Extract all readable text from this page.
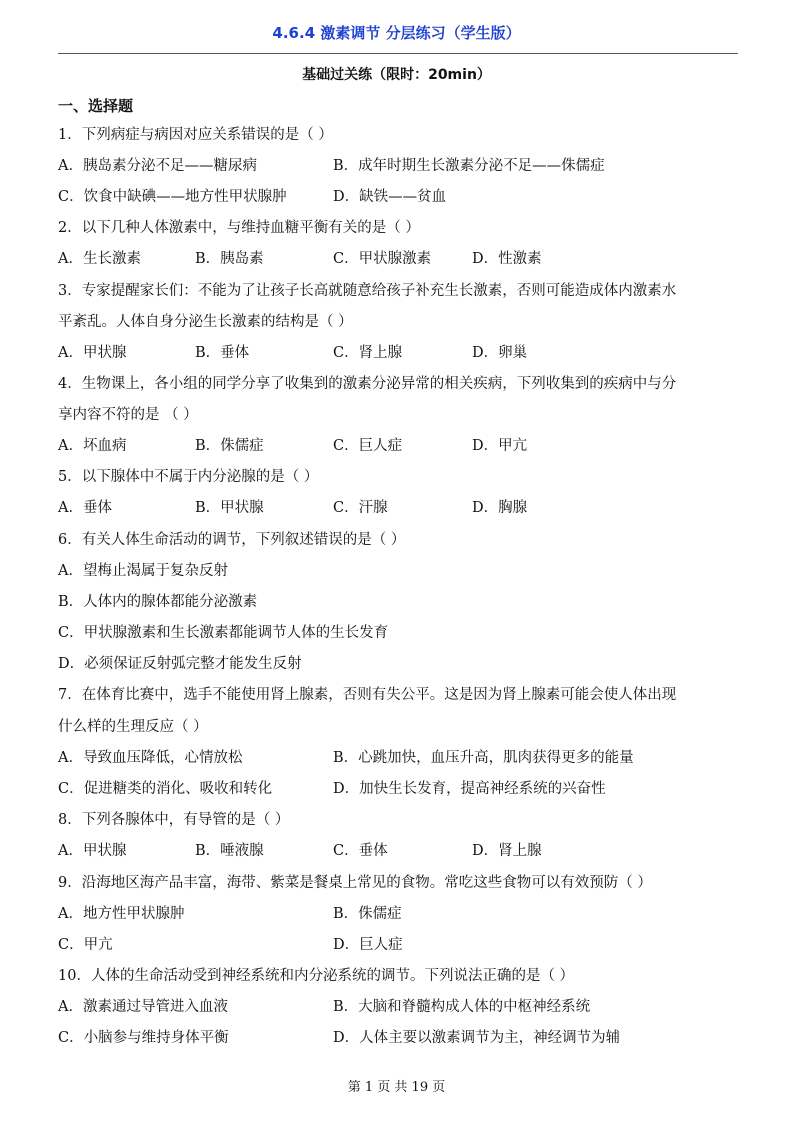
4.6.4 激素调节 分层练习（学生版）
基础过关练（限时：20min）
一、选择题
1．下列病症与病因对应关系错误的是（ ）
A．胰岛素分泌不足——糖尿病	B．成年时期生长激素分泌不足——侏儒症
C．饮食中缺碘——地方性甲状腺肿	D．缺铁——贫血
2．以下几种人体激素中，与维持血糖平衡有关的是（ ）
A．生长激素	B．胰岛素	C．甲状腺激素	D．性激素
3．专家提醒家长们：不能为了让孩子长高就随意给孩子补充生长激素，否则可能造成体内激素水
平紊乱。人体自身分泌生长激素的结构是（ ）
A．甲状腺	B．垂体	C．肾上腺	D．卵巢
4．生物课上，各小组的同学分享了收集到的激素分泌异常的相关疾病，下列收集到的疾病中与分
享内容不符的是 （ ）
A．坏血病	B．侏儒症	C．巨人症	D．甲亢
5．以下腺体中不属于内分泌腺的是（ ）
A．垂体	B．甲状腺	C．汗腺	D．胸腺
6．有关人体生命活动的调节，下列叙述错误的是（ ）
A．望梅止渴属于复杂反射
B．人体内的腺体都能分泌激素
C．甲状腺激素和生长激素都能调节人体的生长发育
D．必须保证反射弧完整才能发生反射
7．在体育比赛中，选手不能使用肾上腺素，否则有失公平。这是因为肾上腺素可能会使人体出现
什么样的生理反应（ ）
A．导致血压降低，心情放松	B．心跳加快，血压升高，肌肉获得更多的能量
C．促进糖类的消化、吸收和转化	D．加快生长发育，提高神经系统的兴奋性
8．下列各腺体中，有导管的是（ ）
A．甲状腺	B．唾液腺	C．垂体	D．肾上腺
9．沿海地区海产品丰富，海带、紫菜是餐桌上常见的食物。常吃这些食物可以有效预防（ ）
A．地方性甲状腺肿	B．侏儒症
C．甲亢	D．巨人症
10．人体的生命活动受到神经系统和内分泌系统的调节。下列说法正确的是（ ）
A．激素通过导管进入血液	B．大脑和脊髓构成人体的中枢神经系统
C．小脑参与维持身体平衡	D．人体主要以激素调节为主，神经调节为辅
第 1 页 共 19 页
